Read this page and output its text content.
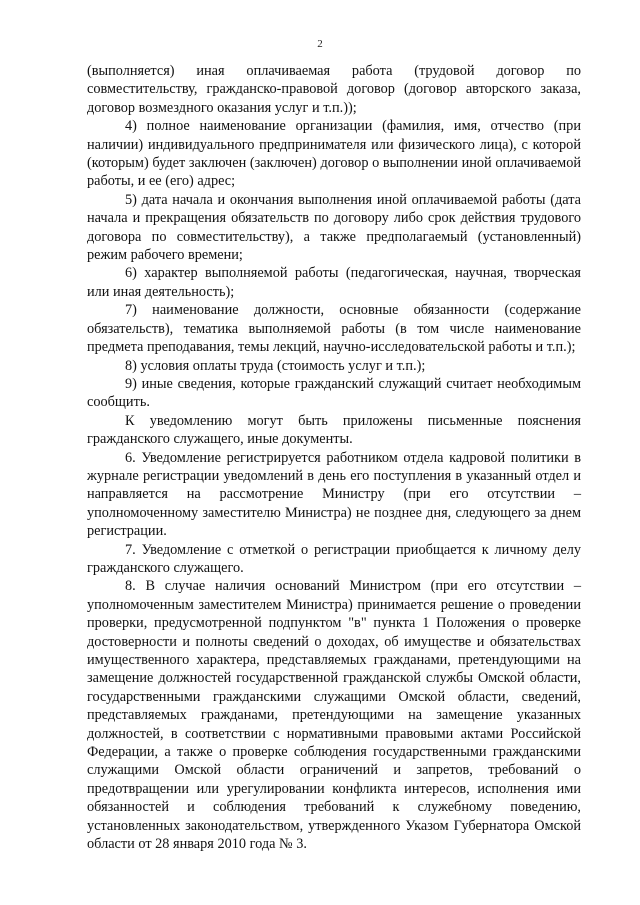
2

(выполняется) иная оплачиваемая работа (трудовой договор по совместительству, гражданско-правовой договор (договор авторского заказа, договор возмездного оказания услуг и т.п.));

4) полное наименование организации (фамилия, имя, отчество (при наличии) индивидуального предпринимателя или физического лица), с которой (которым) будет заключен (заключен) договор о выполнении иной оплачиваемой работы, и ее (его) адрес;

5) дата начала и окончания выполнения иной оплачиваемой работы (дата начала и прекращения обязательств по договору либо срок действия трудового договора по совместительству), а также предполагаемый (установленный) режим рабочего времени;

6) характер выполняемой работы (педагогическая, научная, творческая или иная деятельность);

7) наименование должности, основные обязанности (содержание обязательств), тематика выполняемой работы (в том числе наименование предмета преподавания, темы лекций, научно-исследовательской работы и т.п.);

8) условия оплаты труда (стоимость услуг и т.п.);

9) иные сведения, которые гражданский служащий считает необходимым сообщить.

К уведомлению могут быть приложены письменные пояснения гражданского служащего, иные документы.

6. Уведомление регистрируется работником отдела кадровой политики в журнале регистрации уведомлений в день его поступления в указанный отдел и направляется на рассмотрение Министру (при его отсутствии – уполномоченному заместителю Министра) не позднее дня, следующего за днем регистрации.

7. Уведомление с отметкой о регистрации приобщается к личному делу гражданского служащего.

8. В случае наличия оснований Министром (при его отсутствии – уполномоченным заместителем Министра) принимается решение о проведении проверки, предусмотренной подпунктом "в" пункта 1 Положения о проверке достоверности и полноты сведений о доходах, об имуществе и обязательствах имущественного характера, представляемых гражданами, претендующими на замещение должностей государственной гражданской службы Омской области, государственными гражданскими служащими Омской области, сведений, представляемых гражданами, претендующими на замещение указанных должностей, в соответствии с нормативными правовыми актами Российской Федерации, а также о проверке соблюдения государственными гражданскими служащими Омской области ограничений и запретов, требований о предотвращении или урегулировании конфликта интересов, исполнения ими обязанностей и соблюдения требований к служебному поведению, установленных законодательством, утвержденного Указом Губернатора Омской области от 28 января 2010 года № 3.
